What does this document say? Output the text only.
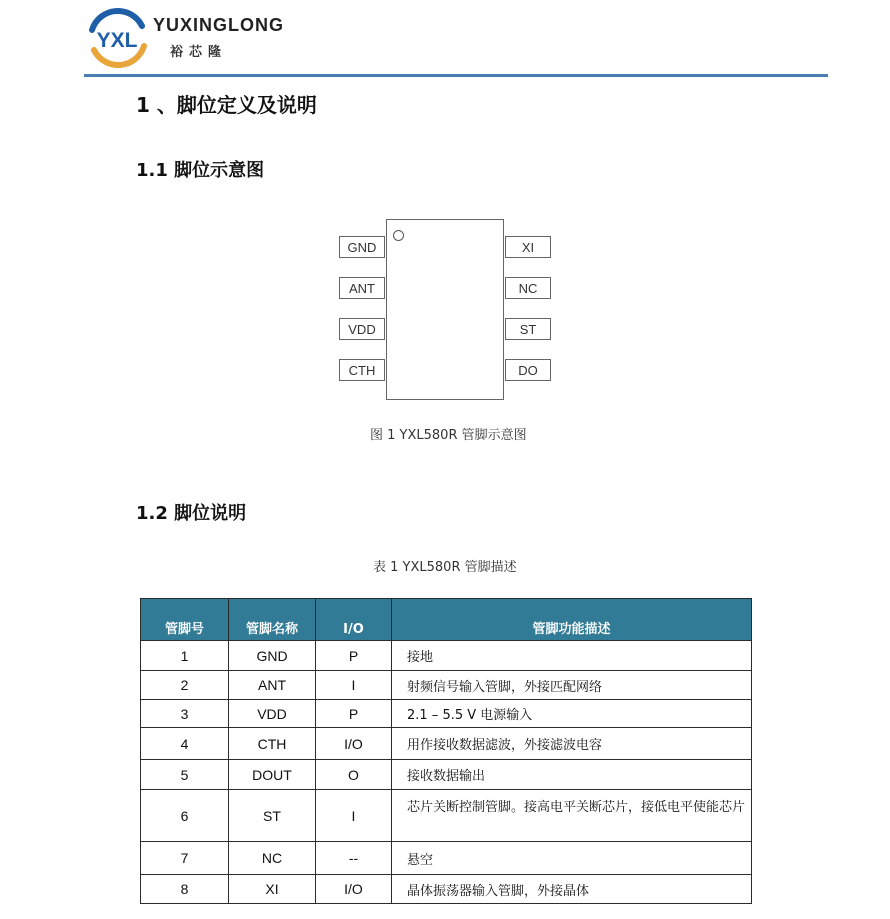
YXL
YUXINGLONG
裕芯隆
1 、脚位定义及说明
1.1 脚位示意图
GND
ANT
VDD
CTH
XI
NC
ST
DO
图 1 YXL580R 管脚示意图
1.2 脚位说明
表 1 YXL580R 管脚描述
管脚号	管脚名称	I/O	管脚功能描述
1	GND	P	接地
2	ANT	I	射频信号输入管脚，外接匹配网络
3	VDD	P	2.1 – 5.5 V 电源输入
4	CTH	I/O	用作接收数据滤波，外接滤波电容
5	DOUT	O	接收数据输出
6	ST	I	芯片关断控制管脚。接高电平关断芯片，接低电平使能芯片
7	NC	--	悬空
8	XI	I/O	晶体振荡器输入管脚，外接晶体
